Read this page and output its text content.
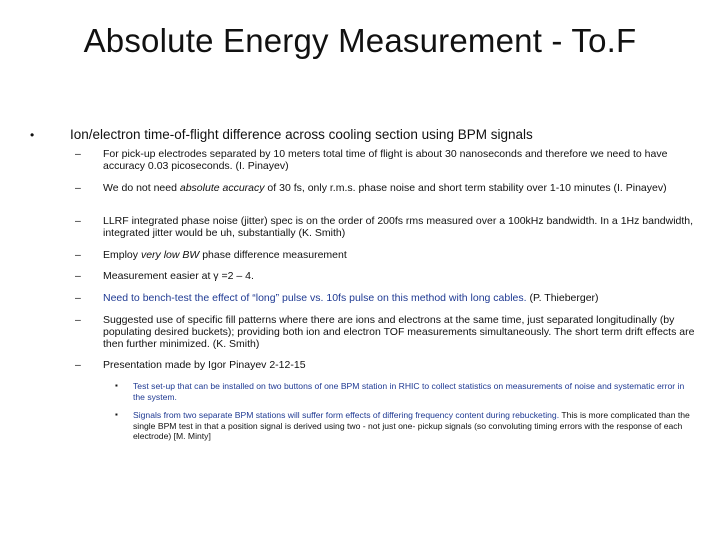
Absolute Energy Measurement - To.F
•	Ion/electron time-of-flight difference across cooling section using BPM signals
– For pick-up electrodes separated by 10 meters total time of flight is about 30 nanoseconds and therefore we need to have accuracy 0.03 picoseconds. (I. Pinayev)
– We do not need absolute accuracy of 30 fs, only r.m.s. phase noise and short term stability over 1-10 minutes (I. Pinayev)
– LLRF integrated phase noise (jitter) spec is on the order of 200fs rms measured over a 100kHz bandwidth. In a 1Hz bandwidth, integrated jitter would be uh, substantially (K. Smith)
– Employ very low BW phase difference measurement
– Measurement easier at γ =2 – 4.
– Need to bench-test the effect of “long” pulse vs. 10fs pulse on this method with long cables. (P. Thieberger)
– Suggested use of specific fill patterns where there are ions and electrons at the same time, just separated longitudinally (by populating desired buckets); providing both ion and electron TOF measurements simultaneously. The short term drift effects are then further minimized. (K. Smith)
– Presentation made by Igor Pinayev 2-12-15
▪ Test set-up that can be installed on two buttons of one BPM station in RHIC to collect statistics on measurements of noise and systematic error in the system.
▪ Signals from two separate BPM stations will suffer form effects of differing frequency content during rebucketing. This is more complicated than the single BPM test in that a position signal is derived using two - not just one- pickup signals (so convoluting timing errors with the response of each electrode) [M. Minty]
